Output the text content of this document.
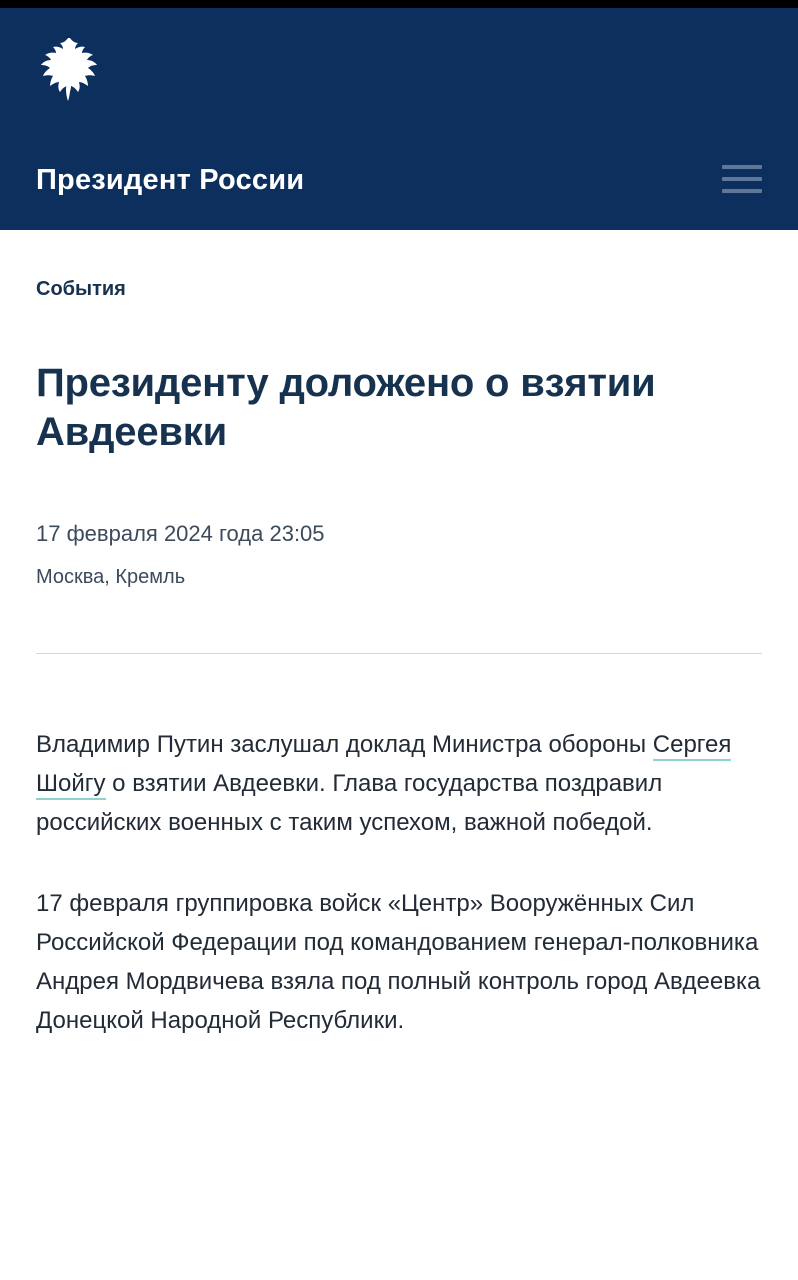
Президент России
События
Президенту доложено о взятии Авдеевки
17 февраля 2024 года 23:05
Москва, Кремль

Владимир Путин заслушал доклад Министра обороны Сергея Шойгу о взятии Авдеевки. Глава государства поздравил российских военных с таким успехом, важной победой.

17 февраля группировка войск «Центр» Вооружённых Сил Российской Федерации под командованием генерал-полковника Андрея Мордвичева взяла под полный контроль город Авдеевка Донецкой Народной Республики.
